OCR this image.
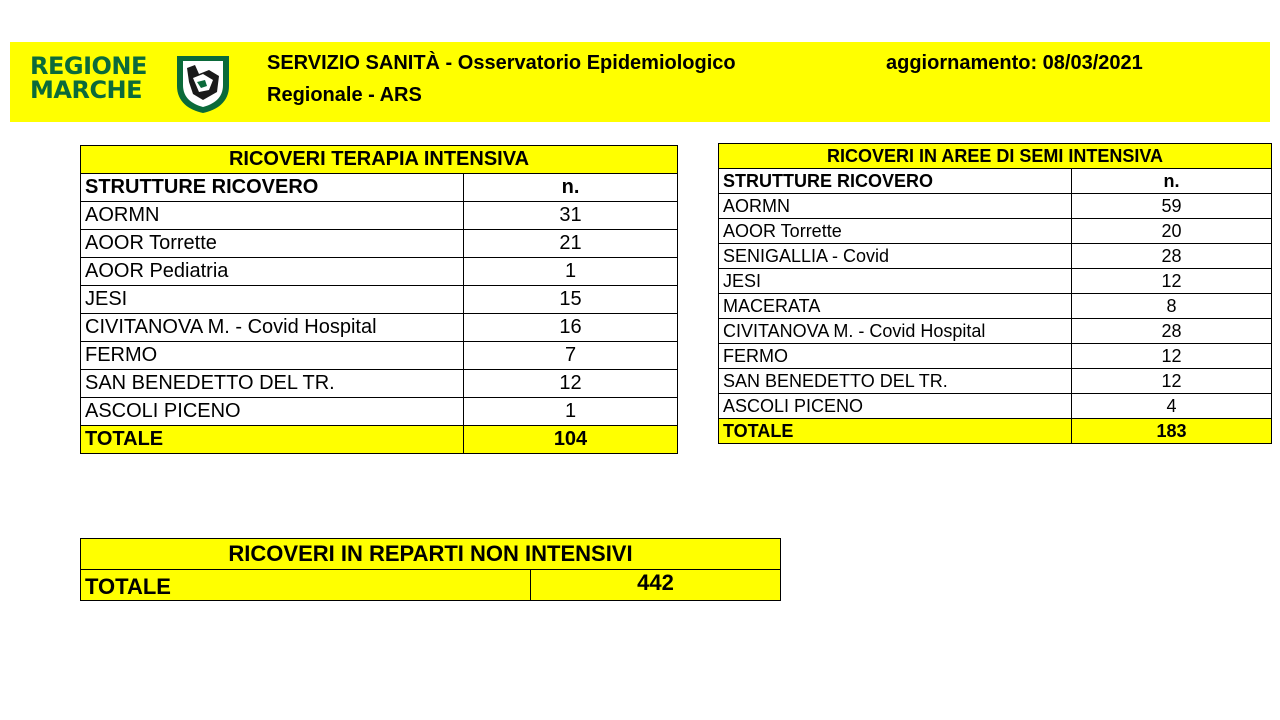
REGIONE
MARCHE
SERVIZIO SANITÀ - Osservatorio Epidemiologico
Regionale - ARS
aggiornamento: 08/03/2021
RICOVERI TERAPIA INTENSIVA	
STRUTTURE RICOVERO	n.
AORMN	31
AOOR Torrette	21
AOOR Pediatria	1
JESI	15
CIVITANOVA M. - Covid Hospital	16
FERMO	7
SAN BENEDETTO DEL TR.	12
ASCOLI PICENO	1
TOTALE	104
RICOVERI IN AREE DI SEMI INTENSIVA	
STRUTTURE RICOVERO	n.
AORMN	59
AOOR Torrette	20
SENIGALLIA - Covid	28
JESI	12
MACERATA	8
CIVITANOVA M. - Covid Hospital	28
FERMO	12
SAN BENEDETTO DEL TR.	12
ASCOLI PICENO	4
TOTALE	183
RICOVERI IN REPARTI NON INTENSIVI
TOTALE	442
